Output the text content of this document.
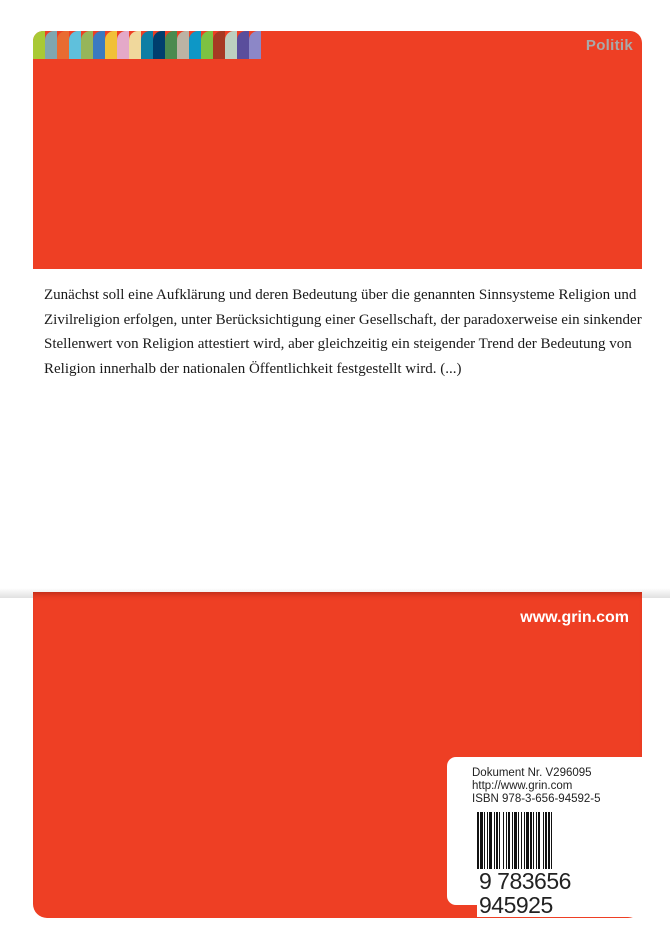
Politik

Zunächst soll eine Aufklärung und deren Bedeutung über die genannten Sinnsysteme Religion und Zivilreligion erfolgen, unter Berücksichtigung einer Gesellschaft, der paradoxerweise ein sinkender Stellenwert von Religion attestiert wird, aber gleichzeitig ein steigender Trend der Bedeutung von Religion innerhalb der nationalen Öffentlichkeit festgestellt wird. (...)

www.grin.com
Dokument Nr. V296095
http://www.grin.com
ISBN 978-3-656-94592-5
9 783656 945925
